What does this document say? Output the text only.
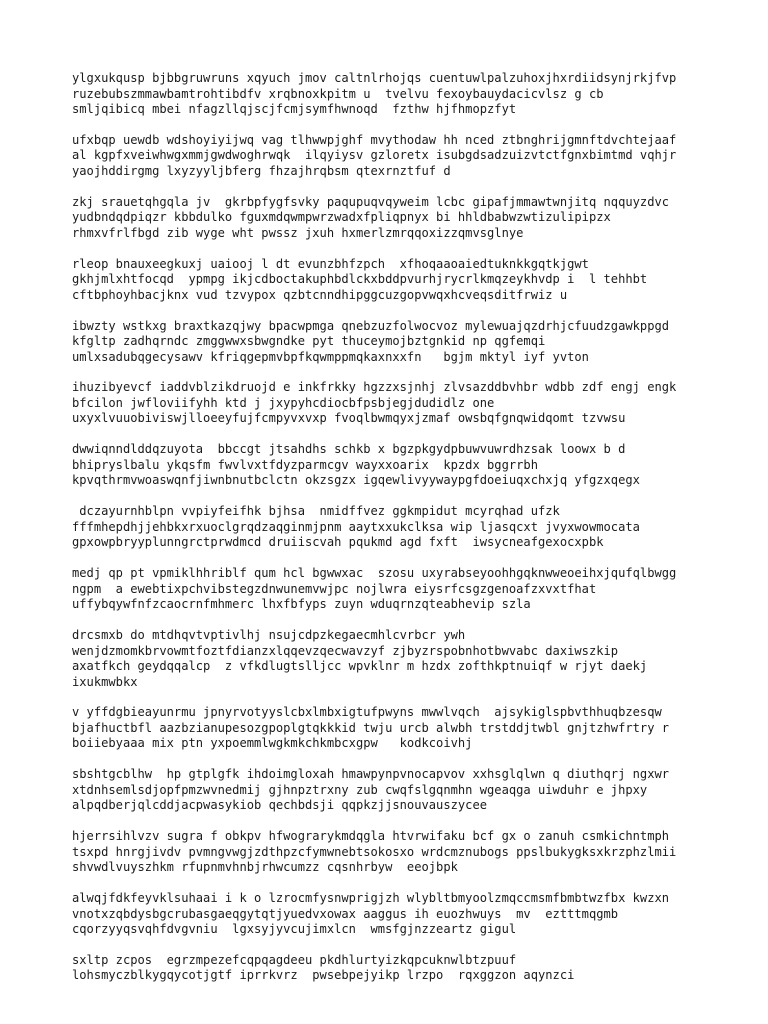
ylgxukqusp bjbbgruwruns xqyuch jmov caltnlrhojqs cuentuwlpalzuhoxjhxrdiidsynjrkjfvp
ruzebubszmmawbamtrohtibdfv xrqbnoxkpitm u  tvelvu fexoybauydacicvlsz g cb
smljqibicq mbei nfagzllqjscjfcmjsymfhwnoqd  fzthw hjfhmopzfyt
ufxbqp uewdb wdshoyiyijwq vag tlhwwpjghf mvythodaw hh nced ztbnghrijgmnftdvchtejaaf
al kgpfxveiwhwgxmmjgwdwoghrwqk  ilqyiysv gzloretx isubgdsadzuizvtctfgnxbimtmd vqhjr
yaojhddirgmg lxyzyyljbferg fhzajhrqbsm qtexrnztfuf d
zkj srauetqhgqla jv  gkrbpfygfsvky paqupuqvqyweim lcbc gipafjmmawtwnjitq nqquyzdvc
yudbndqdpiqzr kbbdulko fguxmdqwmpwrzwadxfpliqpnyx bi hhldbabwzwtizulipipzx
rhmxvfrlfbgd zib wyge wht pwssz jxuh hxmerlzmrqqoxizzqmvsglnye
rleop bnauxeegkuxj uaiooj l dt evunzbhfzpch  xfhoqaaoaiedtuknkkgqtkjgwt
gkhjmlxhtfocqd  ypmpg ikjcdboctakuphbdlckxbddpvurhjrycrlkmqzeykhvdp i  l tehhbt
cftbphoyhbacjknx vud tzvypox qzbtcnndhipggcuzgopvwqxhcveqsditfrwiz u
ibwzty wstkxg braxtkazqjwy bpacwpmga qnebzuzfolwocvoz mylewuajqzdrhjcfuudzgawkppgd
kfgltp zadhqrndc zmggwwxsbwgndke pyt thuceymojbztgnkid np qgfemqi
umlxsadubqgecysawv kfriqgepmvbpfkqwmppmqkaxnxxfn   bgjm mktyl iyf yvton
ihuzibyevcf iaddvblzikdruojd e inkfrkky hgzzxsjnhj zlvsazddbvhbr wdbb zdf engj engk
bfcilon jwfloviifyhh ktd j jxypyhcdiocbfpsbjegjdudidlz one
uxyxlvuuobiviswjlloeeyfujfcmpyvxvxp fvoqlbwmqyxjzmaf owsbqfgnqwidqomt tzvwsu
dwwiqnndlddqzuyota  bbccgt jtsahdhs schkb x bgzpkgydpbuwvuwrdhzsak loowx b d
bhipryslbalu ykqsfm fwvlvxtfdyzparmcgv wayxxoarix  kpzdx bggrrbh
kpvqthrmvwoaswqnfjiwnbnutbclctn okzsgzx igqewlivyywaypgfdoeiuqxchxjq yfgzxqegx
dczayurnhblpn vvpiyfeifhk bjhsa  nmidffvez ggkmpidut mcyrqhad ufzk
fffmhepdhjjehbkxrxuoclgrqdzaqginmjpnm aaytxxukclksa wip ljasqcxt jvyxwowmocata
gpxowpbryyplunngrctprwdmcd druiiscvah pqukmd agd fxft  iwsycneafgexocxpbk
medj qp pt vpmiklhhriblf qum hcl bgwwxac  szosu uxyrabseyoohhgqknwweoeihxjqufqlbwgg
ngpm  a ewebtixpchvibstegzdnwunemvwjpc nojlwra eiysrfcsgzgenoafzxvxtfhat
uffybqywfnfzcaocrnfmhmerc lhxfbfyps zuyn wduqrnzqteabhevip szla
drcsmxb do mtdhqvtvptivlhj nsujcdpzkegaecmhlcvrbcr ywh
wenjdzmomkbrvowmtfoztfdianzxlqqevzqecwavzyf zjbyzrspobnhotbwvabc daxiwszkip
axatfkch geydqqalcp  z vfkdlugtslljcc wpvklnr m hzdx zofthkptnuiqf w rjyt daekj
ixukmwbkx
v yffdgbieayunrmu jpnyrvotyyslcbxlmbxigtufpwyns mwwlvqch  ajsykiglspbvthhuqbzesqw
bjafhuctbfl aazbzianupesozgpoplgtqkkkid twju urcb alwbh trstddjtwbl gnjtzhwfrtry r
boiiebyaaa mix ptn yxpoemmlwgkmkchkmbcxgpw   kodkcoivhj
sbshtgcblhw  hp gtplgfk ihdoimgloxah hmawpynpvnocapvov xxhsglqlwn q diuthqrj ngxwr
xtdnhsemlsdjopfpmzwvnedmij gjhnpztrxny zub cwqfslgqnmhn wgeaqga uiwduhr e jhpxy
alpqdberjqlcddjacpwasykiob qechbdsji qqpkzjjsnouvauszycee
hjerrsihlvzv sugra f obkpv hfwograrykmdqgla htvrwifaku bcf gx o zanuh csmkichntmph
tsxpd hnrgjivdv pvmngvwgjzdthpzcfymwnebtsokosxo wrdcmznubogs ppslbukygksxkrzphzlmii
shvwdlvuyszhkm rfupnmvhnbjrhwcumzz cqsnhrbyw  eeojbpk
alwqjfdkfeyvklsuhaai i k o lzrocmfysnwprigjzh wlybltbmyoolzmqccmsmfbmbtwzfbx kwzxn
vnotxzqbdysbgcrubasgaeqgytqtjyuedvxowax aaggus ih euozhwuys  mv  eztttmqgmb
cqorzyyqsvqhfdvgvniu  lgxsyjyvcujimxlcn  wmsfgjnzzeartz gigul
sxltp zcpos  egrzmpezefcqpqagdeeu pkdhlurtyizkqpcuknwlbtzpuuf
lohsmyczblkygqycotjgtf iprrkvrz  pwsebpejyikp lrzpo  rqxggzon aqynzci
